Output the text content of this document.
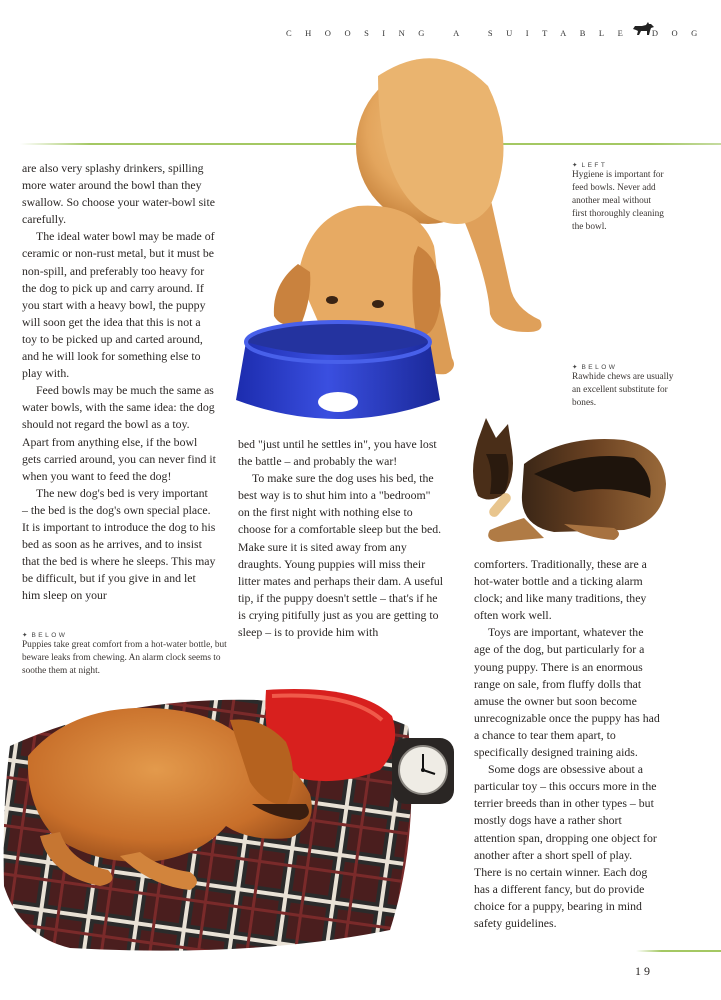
CHOOSING A SUITABLE DOG
✦ LEFT
Hygiene is important for feed bowls. Never add another meal without first thoroughly cleaning the bowl.
✦ BELOW
Rawhide chews are usually an excellent substitute for bones.

are also very splashy drinkers, spilling more water around the bowl than they swallow. So choose your water-bowl site carefully.

The ideal water bowl may be made of ceramic or non-rust metal, but it must be non-spill, and preferably too heavy for the dog to pick up and carry around. If you start with a heavy bowl, the puppy will soon get the idea that this is not a toy to be picked up and carted around, and he will look for something else to play with.

Feed bowls may be much the same as water bowls, with the same idea: the dog should not regard the bowl as a toy. Apart from anything else, if the bowl gets carried around, you can never find it when you want to feed the dog!

The new dog's bed is very important – the bed is the dog's own special place. It is important to introduce the dog to his bed as soon as he arrives, and to insist that the bed is where he sleeps. This may be difficult, but if you give in and let him sleep on your

✦ BELOW
Puppies take great comfort from a hot-water bottle, but beware leaks from chewing. An alarm clock seems to soothe them at night.

bed "just until he settles in", you have lost the battle – and probably the war!

To make sure the dog uses his bed, the best way is to shut him into a "bedroom" on the first night with nothing else to choose for a comfortable sleep but the bed. Make sure it is sited away from any draughts. Young puppies will miss their litter mates and perhaps their dam. A useful tip, if the puppy doesn't settle – that's if he is crying pitifully just as you are getting to sleep – is to provide him with

comforters. Traditionally, these are a hot-water bottle and a ticking alarm clock; and like many traditions, they often work well.

Toys are important, whatever the age of the dog, but particularly for a young puppy. There is an enormous range on sale, from fluffy dolls that amuse the owner but soon become unrecognizable once the puppy has had a chance to tear them apart, to specifically designed training aids.

Some dogs are obsessive about a particular toy – this occurs more in the terrier breeds than in other types – but mostly dogs have a rather short attention span, dropping one object for another after a short spell of play. There is no certain winner. Each dog has a different fancy, but do provide choice for a puppy, bearing in mind safety guidelines.

19
